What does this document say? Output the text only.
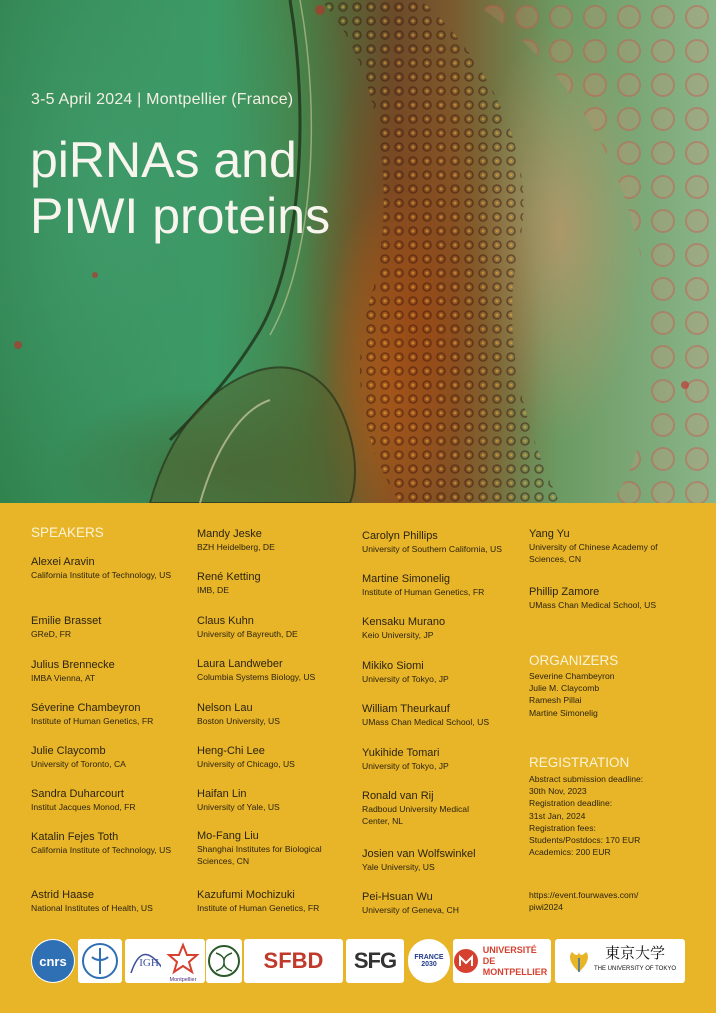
3-5 April 2024 | Montpellier (France)
piRNAs and
PIWI proteins
SPEAKERS
Alexei Aravin
California Institute of Technology, US
Emilie Brasset
GReD, FR
Julius Brennecke
IMBA Vienna, AT
Séverine Chambeyron
Institute of Human Genetics, FR
Julie Claycomb
University of Toronto, CA
Sandra Duharcourt
Institut Jacques Monod, FR
Katalin Fejes Toth
California Institute of Technology, US
Astrid Haase
National Institutes of Health, US
Mandy Jeske
BZH Heidelberg, DE
René Ketting
IMB, DE
Claus Kuhn
University of Bayreuth, DE
Laura Landweber
Columbia Systems Biology, US
Nelson Lau
Boston University, US
Heng-Chi Lee
University of Chicago, US
Haifan Lin
University of Yale, US
Mo-Fang Liu
Shanghai Institutes for Biological Sciences, CN
Kazufumi Mochizuki
Institute of Human Genetics, FR
Carolyn Phillips
University of Southern California, US
Martine Simonelig
Institute of Human Genetics, FR
Kensaku Murano
Keio University, JP
Mikiko Siomi
University of Tokyo, JP
William Theurkauf
UMass Chan Medical School, US
Yukihide Tomari
University of Tokyo, JP
Ronald van Rij
Radboud University Medical Center, NL
Josien van Wolfswinkel
Yale University, US
Pei-Hsuan Wu
University of Geneva, CH
Yang Yu
University of Chinese Academy of Sciences, CN
Phillip Zamore
UMass Chan Medical School, US
ORGANIZERS
Severine Chambeyron
Julie M. Claycomb
Ramesh Pillai
Martine Simonelig
REGISTRATION
Abstract submission deadline:
30th Nov, 2023
Registration deadline:
31st Jan, 2024
Registration fees:
Students/Postdocs: 170 EUR
Academics: 200 EUR
https://event.fourwaves.com/
piwi2024
cnrs	IGH
Montpellier
SFBD SFG	FRANCE 2030
UNIVERSITÉ DE
MONTPELLIER
東京大学
THE UNIVERSITY OF TOKYO
